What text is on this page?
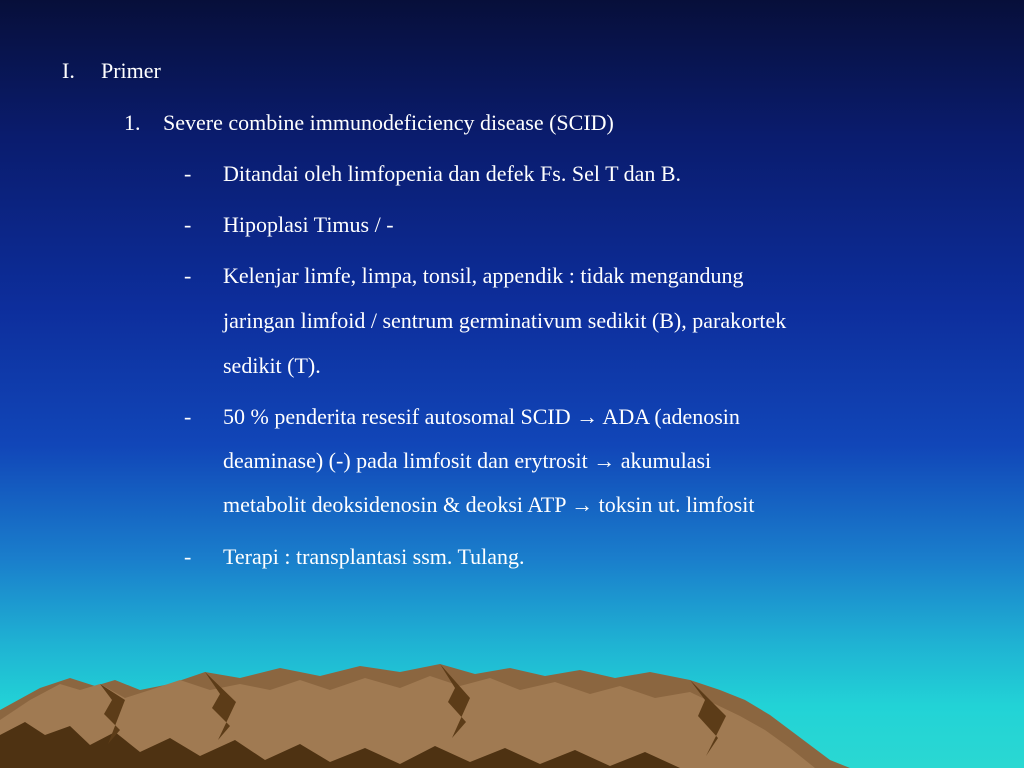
I. Primer
1. Severe combine immunodeficiency disease (SCID)
- Ditandai oleh limfopenia dan defek Fs. Sel T dan B.
- Hipoplasi Timus / -
- Kelenjar limfe, limpa, tonsil, appendik : tidak mengandung
jaringan limfoid / sentrum germinativum sedikit (B), parakortek
sedikit (T).
- 50 % penderita resesif autosomal SCID → ADA (adenosin
deaminase) (-) pada limfosit dan erytrosit → akumulasi
metabolit deoksidenosin & deoksi ATP → toksin ut. limfosit
- Terapi : transplantasi ssm. Tulang.
